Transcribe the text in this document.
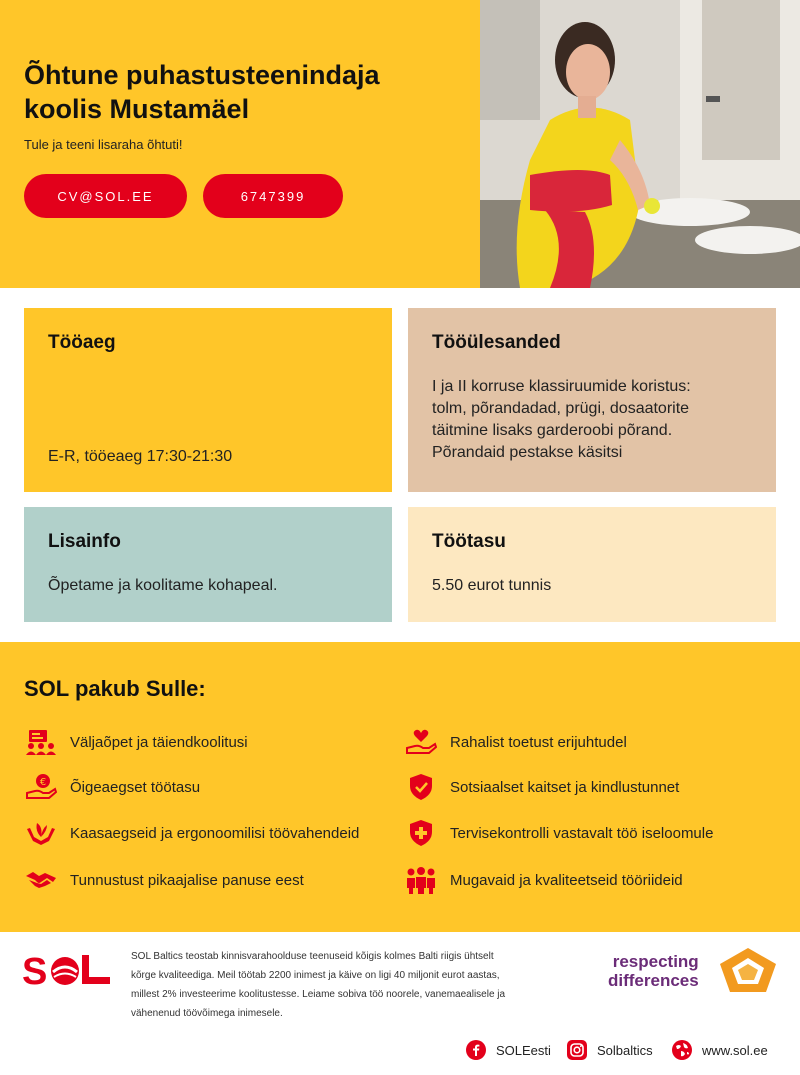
Õhtune puhastusteenindaja
koolis Mustamäel
Tule ja teeni lisaraha õhtuti!
CV@SOL.EE	6747399
Tööaeg

E-R, tööeaeg 17:30-21:30

Tööülesanded

I ja II korruse klassiruumide koristus:
tolm, põrandadad, prügi, dosaatorite
täitmine lisaks garderoobi põrand.
Põrandaid pestakse käsitsi

Lisainfo

Õpetame ja koolitame kohapeal.

Töötasu

5.50 eurot tunnis

SOL pakub Sulle:
Väljaõpet ja täiendkoolitusi
€ Õigeaegset töötasu
Kaasaegseid ja ergonoomilisi töövahendeid
Tunnustust pikaajalise panuse eest
Rahalist toetust erijuhtudel
Sotsiaalset kaitset ja kindlustunnet
Tervisekontrolli vastavalt töö iseloomule
Mugavaid ja kvaliteetseid tööriideid
S	SOL Baltics teostab kinnisvarahoolduse teenuseid kõigis kolmes Balti riigis ühtselt
kõrge kvaliteediga. Meil töötab 2200 inimest ja käive on ligi 40 miljonit eurot aastas,
millest 2% investeerime koolitustesse. Leiame sobiva töö noorele, vanemaealisele ja
vähenenud töövõimega inimesele.
respecting
differences
SOLEesti	Solbaltics	www.sol.ee
